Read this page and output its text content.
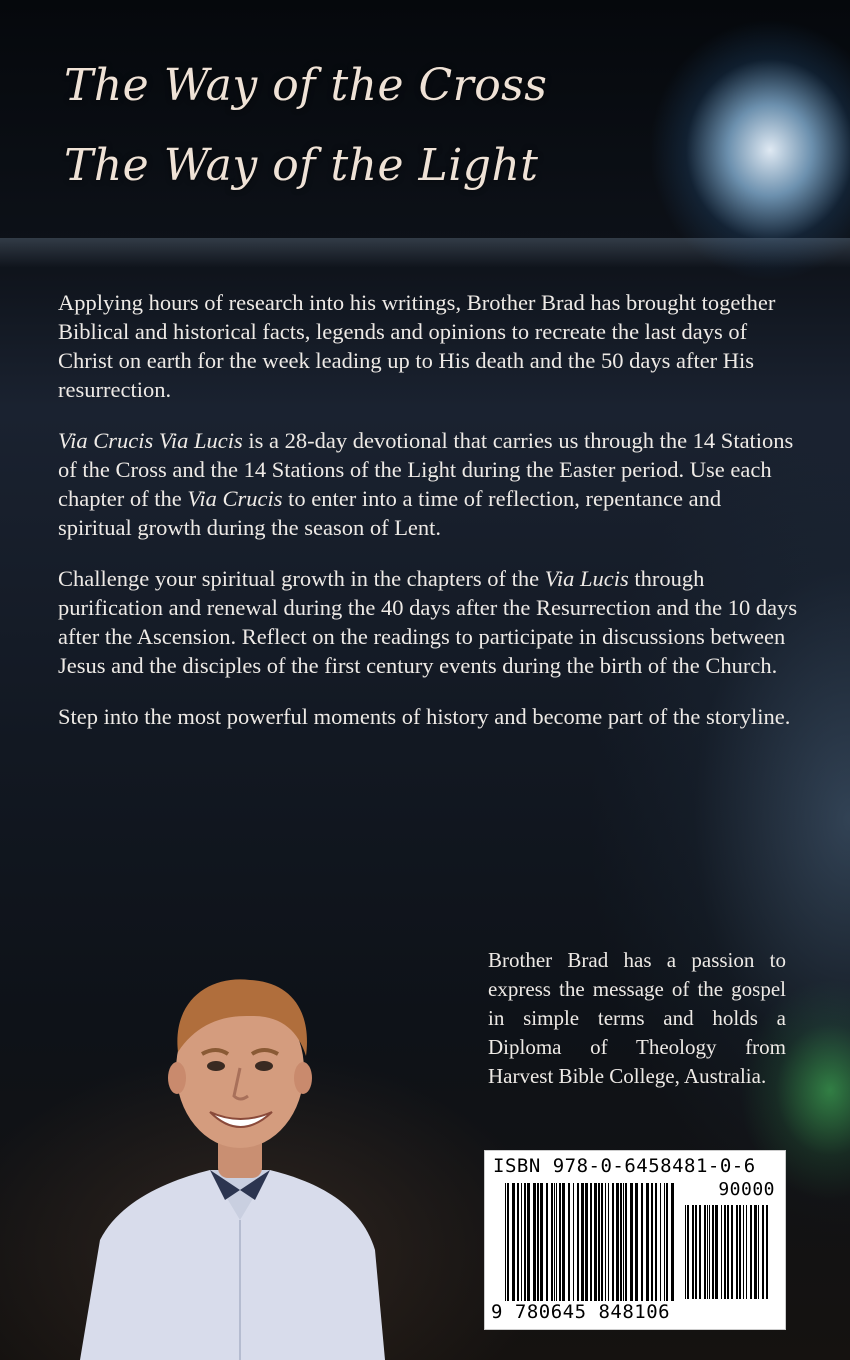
The Way of the Cross
The Way of the Light

Applying hours of research into his writings, Brother Brad has brought together Biblical and historical facts, legends and opinions to recreate the last days of Christ on earth for the week leading up to His death and the 50 days after His resurrection.

Via Crucis Via Lucis is a 28-day devotional that carries us through the 14 Stations of the Cross and the 14 Stations of the Light during the Easter period. Use each chapter of the Via Crucis to enter into a time of reflection, repentance and spiritual growth during the season of Lent.

Challenge your spiritual growth in the chapters of the Via Lucis through purification and renewal during the 40 days after the Resurrection and the 10 days after the Ascension. Reflect on the readings to participate in discussions between Jesus and the disciples of the first century events during the birth of the Church.

Step into the most powerful moments of history and become part of the storyline.

Brother Brad has a passion to express the message of the gospel in simple terms and holds a Diploma of Theology from Harvest Bible College, Australia.
ISBN 978-0-6458481-0-6
90000
9 780645 848106
